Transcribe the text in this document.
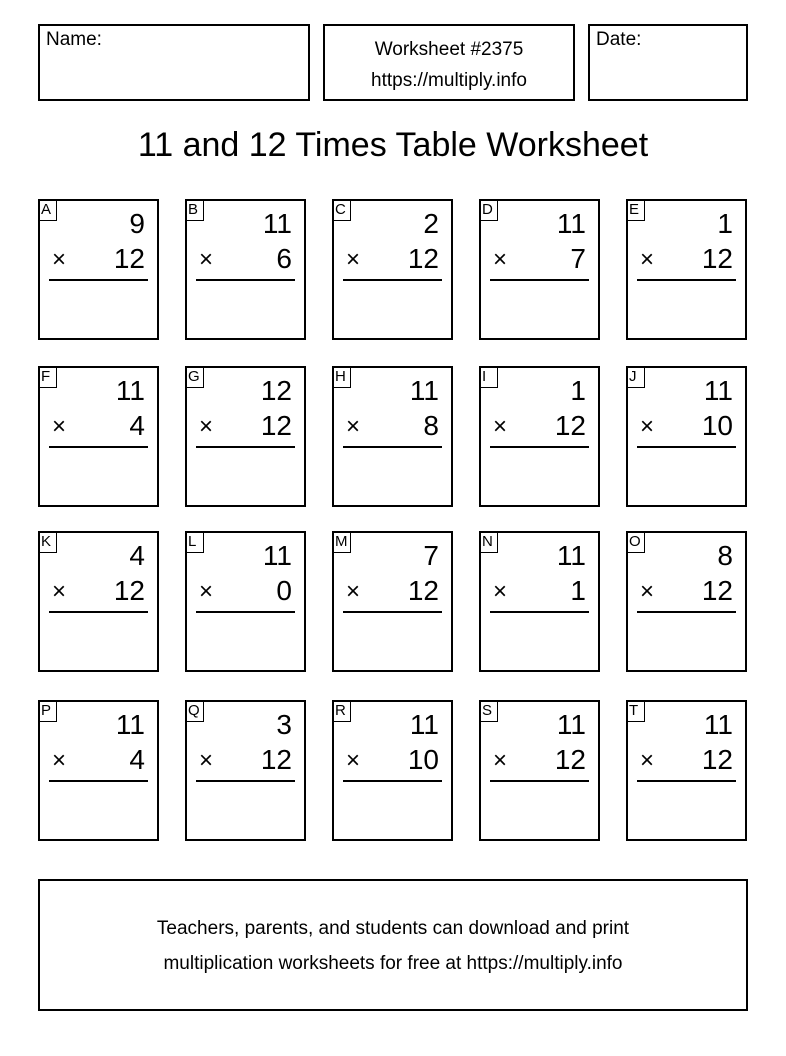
Name:	Worksheet #2375
https://multiply.info
Date:
11 and 12 Times Table Worksheet
A	9
× 12
B 11
× 6
C	2
× 12
D 11
× 7
E	1
× 12
F 11
× 4
G 12
× 12
H 11
× 8
I	1
× 12
J	11
× 10
K	4
× 12
L 11
× 0
M	7
× 12
N 11
× 1
O	8
× 12
P 11
× 4
Q	3
× 12
R 11
× 10
S 11
× 12
T 11
× 12
Teachers, parents, and students can download and print
multiplication worksheets for free at https://multiply.info
